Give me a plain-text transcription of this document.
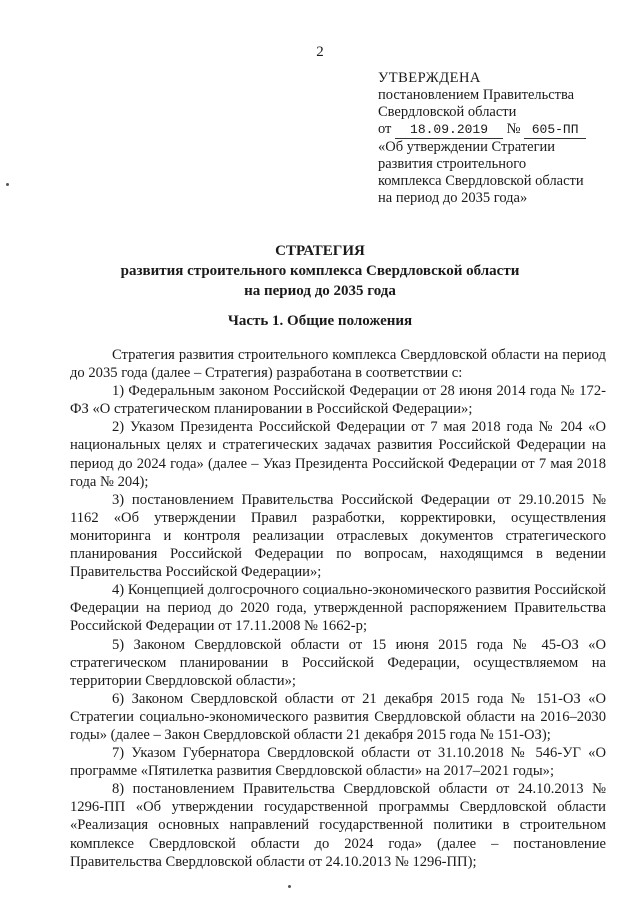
2
УТВЕРЖДЕНА
постановлением Правительства
Свердловской области
от 18.09.2019 № 605-ПП
«Об утверждении Стратегии
развития строительного
комплекса Свердловской области
на период до 2035 года»
СТРАТЕГИЯ
развития строительного комплекса Свердловской области
на период до 2035 года
Часть 1. Общие положения

Стратегия развития строительного комплекса Свердловской области на период до 2035 года (далее – Стратегия) разработана в соответствии с:

1) Федеральным законом Российской Федерации от 28 июня 2014 года № 172-ФЗ «О стратегическом планировании в Российской Федерации»;

2) Указом Президента Российской Федерации от 7 мая 2018 года № 204 «О национальных целях и стратегических задачах развития Российской Федерации на период до 2024 года» (далее – Указ Президента Российской Федерации от 7 мая 2018 года № 204);

3) постановлением Правительства Российской Федерации от 29.10.2015 № 1162 «Об утверждении Правил разработки, корректировки, осуществления мониторинга и контроля реализации отраслевых документов стратегического планирования Российской Федерации по вопросам, находящимся в ведении Правительства Российской Федерации»;

4) Концепцией долгосрочного социально-экономического развития Российской Федерации на период до 2020 года, утвержденной распоряжением Правительства Российской Федерации от 17.11.2008 № 1662-р;

5) Законом Свердловской области от 15 июня 2015 года № 45-ОЗ «О стратегическом планировании в Российской Федерации, осуществляемом на территории Свердловской области»;

6) Законом Свердловской области от 21 декабря 2015 года № 151-ОЗ «О Стратегии социально-экономического развития Свердловской области на 2016–2030 годы» (далее – Закон Свердловской области 21 декабря 2015 года № 151-ОЗ);

7) Указом Губернатора Свердловской области от 31.10.2018 № 546-УГ «О программе «Пятилетка развития Свердловской области» на 2017–2021 годы»;

8) постановлением Правительства Свердловской области от 24.10.2013 № 1296-ПП «Об утверждении государственной программы Свердловской области «Реализация основных направлений государственной политики в строительном комплексе Свердловской области до 2024 года» (далее – постановление Правительства Свердловской области от 24.10.2013 № 1296-ПП);
